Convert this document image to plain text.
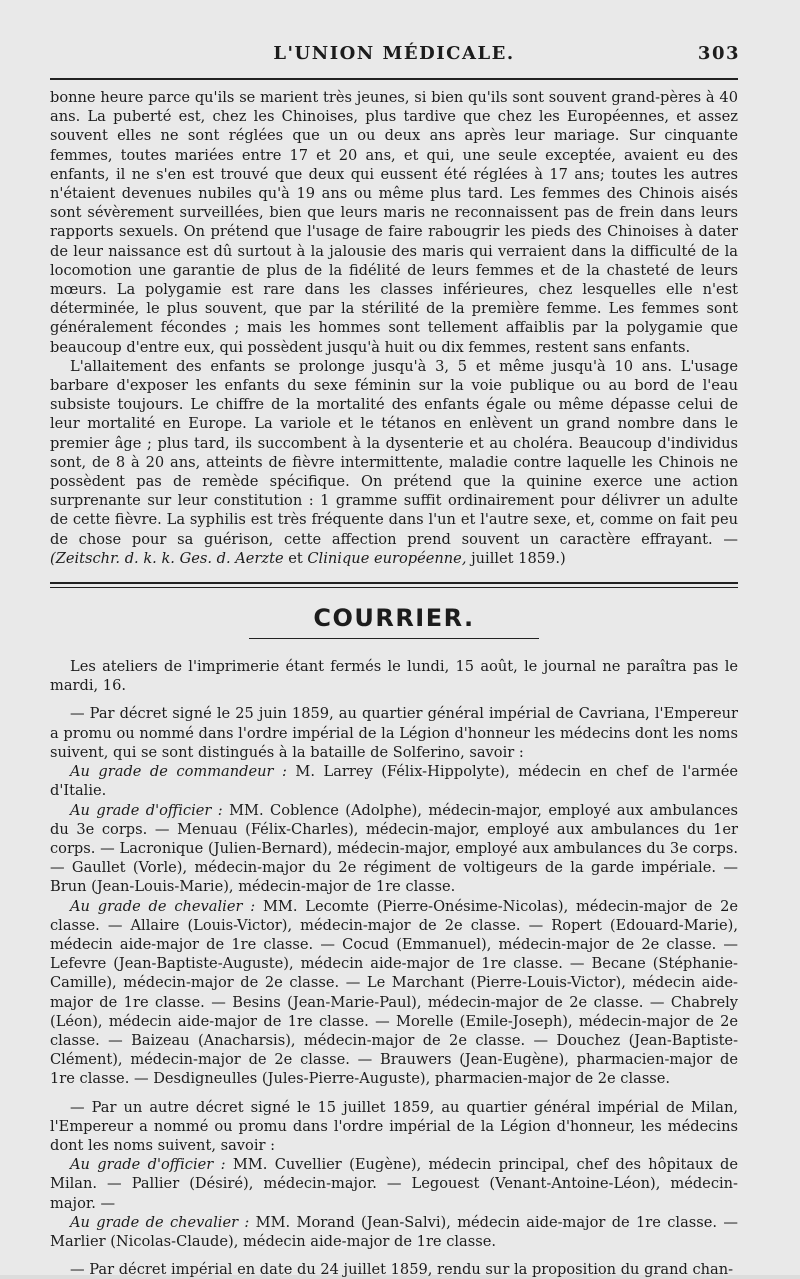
L'UNION MÉDICALE.	303

bonne heure parce qu'ils se marient très jeunes, si bien qu'ils sont souvent grand-pères à 40 ans. La puberté est, chez les Chinoises, plus tardive que chez les Européennes, et assez souvent elles ne sont réglées que un ou deux ans après leur mariage. Sur cinquante femmes, toutes mariées entre 17 et 20 ans, et qui, une seule exceptée, avaient eu des enfants, il ne s'en est trouvé que deux qui eussent été réglées à 17 ans; toutes les autres n'étaient devenues nubiles qu'à 19 ans ou même plus tard. Les femmes des Chinois aisés sont sévèrement surveillées, bien que leurs maris ne reconnaissent pas de frein dans leurs rapports sexuels. On prétend que l'usage de faire rabougrir les pieds des Chinoises à dater de leur naissance est dû surtout à la jalousie des maris qui verraient dans la difficulté de la locomotion une garantie de plus de la fidélité de leurs femmes et de la chasteté de leurs mœurs. La polygamie est rare dans les classes inférieures, chez lesquelles elle n'est déterminée, le plus souvent, que par la stérilité de la première femme. Les femmes sont généralement fécondes ; mais les hommes sont tellement affaiblis par la polygamie que beaucoup d'entre eux, qui possèdent jusqu'à huit ou dix femmes, restent sans enfants.

L'allaitement des enfants se prolonge jusqu'à 3, 5 et même jusqu'à 10 ans. L'usage barbare d'exposer les enfants du sexe féminin sur la voie publique ou au bord de l'eau subsiste toujours. Le chiffre de la mortalité des enfants égale ou même dépasse celui de leur mortalité en Europe. La variole et le tétanos en enlèvent un grand nombre dans le premier âge ; plus tard, ils succombent à la dysenterie et au choléra. Beaucoup d'individus sont, de 8 à 20 ans, atteints de fièvre intermittente, maladie contre laquelle les Chinois ne possèdent pas de remède spécifique. On prétend que la quinine exerce une action surprenante sur leur constitution : 1 gramme suffit ordinairement pour délivrer un adulte de cette fièvre. La syphilis est très fréquente dans l'un et l'autre sexe, et, comme on fait peu de chose pour sa guérison, cette affection prend souvent un caractère effrayant. — (Zeitschr. d. k. k. Ges. d. Aerzte et Clinique européenne, juillet 1859.)

COURRIER.

Les ateliers de l'imprimerie étant fermés le lundi, 15 août, le journal ne paraîtra pas le mardi, 16.

— Par décret signé le 25 juin 1859, au quartier général impérial de Cavriana, l'Empereur a promu ou nommé dans l'ordre impérial de la Légion d'honneur les médecins dont les noms suivent, qui se sont distingués à la bataille de Solferino, savoir :

Au grade de commandeur : M. Larrey (Félix-Hippolyte), médecin en chef de l'armée d'Italie.

Au grade d'officier : MM. Coblence (Adolphe), médecin-major, employé aux ambulances du 3e corps. — Menuau (Félix-Charles), médecin-major, employé aux ambulances du 1er corps. — Lacronique (Julien-Bernard), médecin-major, employé aux ambulances du 3e corps. — Gaullet (Vorle), médecin-major du 2e régiment de voltigeurs de la garde impériale. — Brun (Jean-Louis-Marie), médecin-major de 1re classe.

Au grade de chevalier : MM. Lecomte (Pierre-Onésime-Nicolas), médecin-major de 2e classe. — Allaire (Louis-Victor), médecin-major de 2e classe. — Ropert (Edouard-Marie), médecin aide-major de 1re classe. — Cocud (Emmanuel), médecin-major de 2e classe. — Lefevre (Jean-Baptiste-Auguste), médecin aide-major de 1re classe. — Becane (Stéphanie-Camille), médecin-major de 2e classe. — Le Marchant (Pierre-Louis-Victor), médecin aide-major de 1re classe. — Besins (Jean-Marie-Paul), médecin-major de 2e classe. — Chabrely (Léon), médecin aide-major de 1re classe. — Morelle (Emile-Joseph), médecin-major de 2e classe. — Baizeau (Anacharsis), médecin-major de 2e classe. — Douchez (Jean-Baptiste-Clément), médecin-major de 2e classe. — Brauwers (Jean-Eugène), pharmacien-major de 1re classe. — Desdigneulles (Jules-Pierre-Auguste), pharmacien-major de 2e classe.

— Par un autre décret signé le 15 juillet 1859, au quartier général impérial de Milan, l'Empereur a nommé ou promu dans l'ordre impérial de la Légion d'honneur, les médecins dont les noms suivent, savoir :

Au grade d'officier : MM. Cuvellier (Eugène), médecin principal, chef des hôpitaux de Milan. — Pallier (Désiré), médecin-major. — Legouest (Venant-Antoine-Léon), médecin-major. —

Au grade de chevalier : MM. Morand (Jean-Salvi), médecin aide-major de 1re classe. — Marlier (Nicolas-Claude), médecin aide-major de 1re classe.

— Par décret impérial en date du 24 juillet 1859, rendu sur la proposition du grand chan-
